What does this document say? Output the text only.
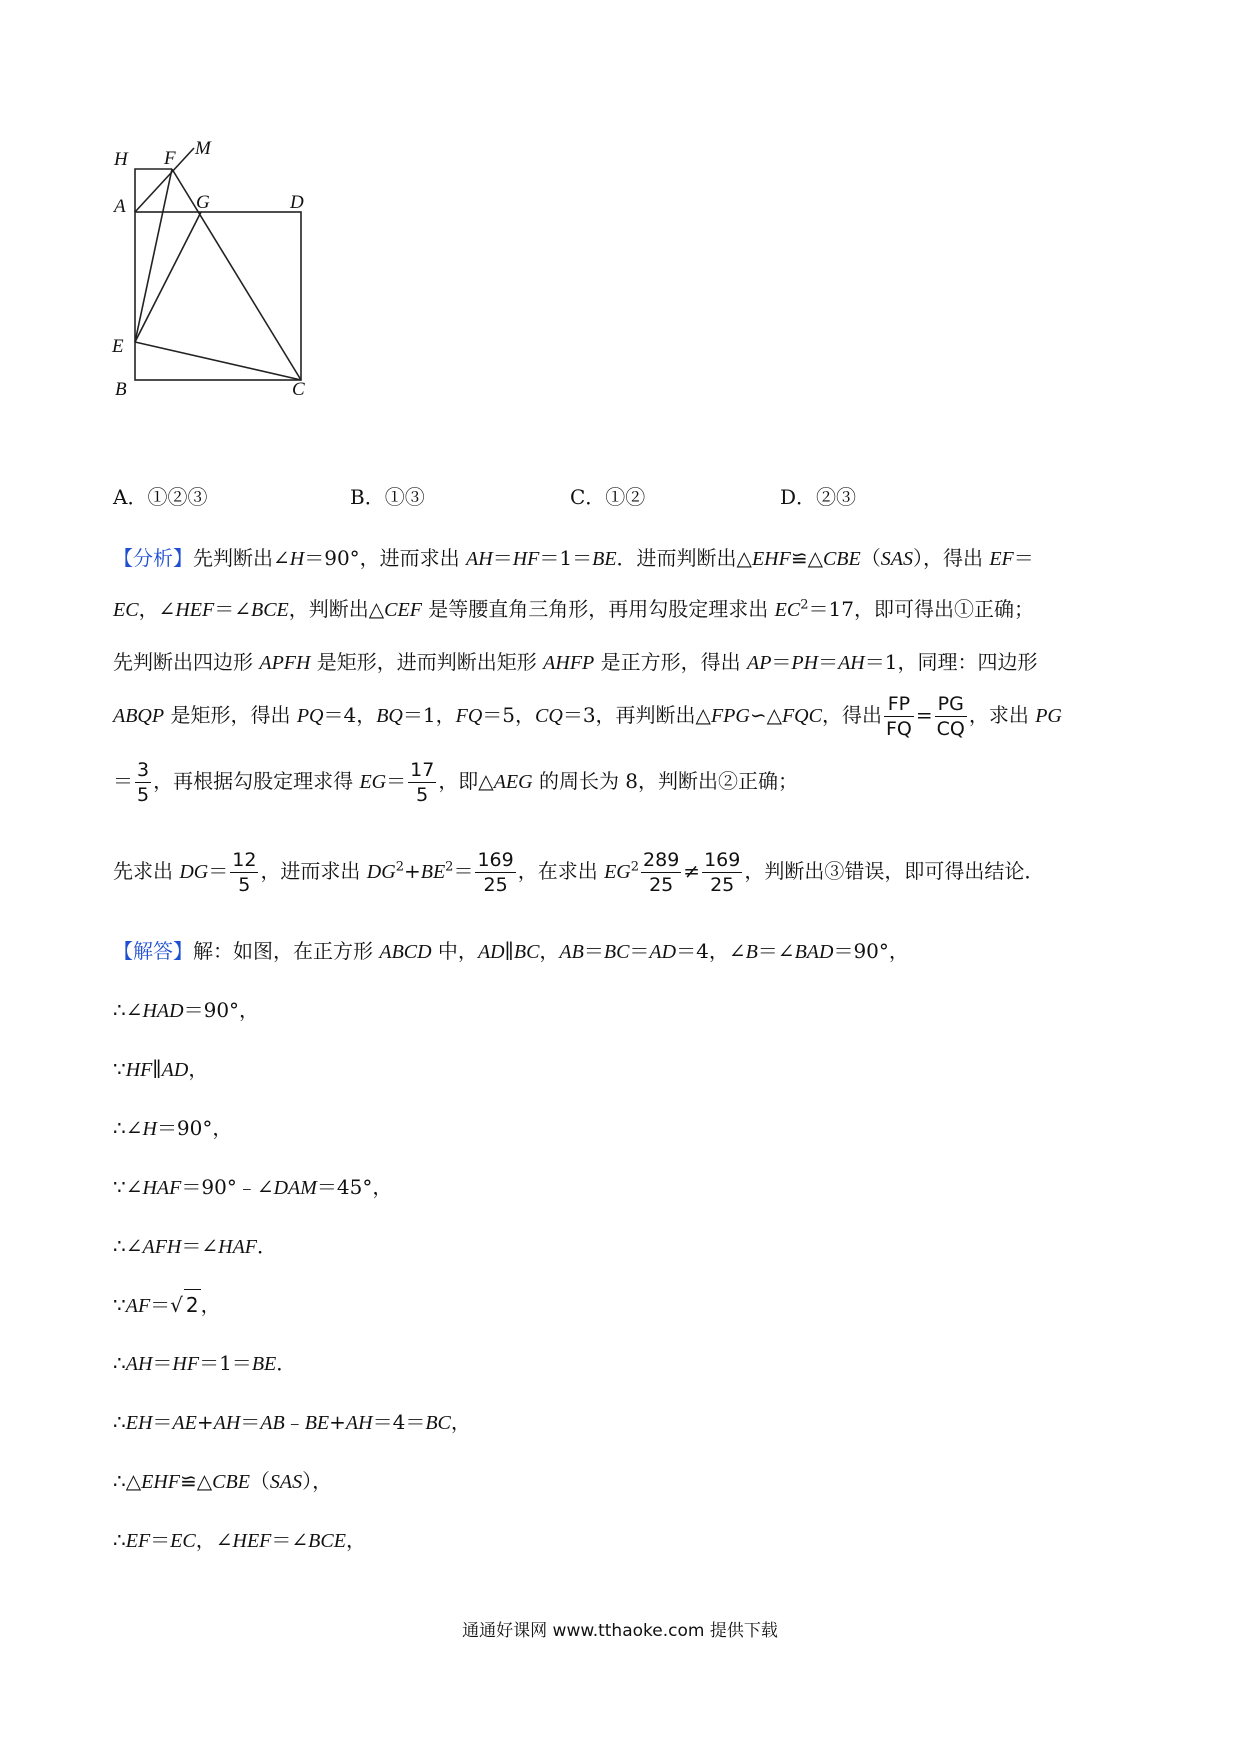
H F M
A	G	D
E
B	C
A．①②③	B．①③	C．①②	D．②③
【分析】先判断出∠H＝90°，进而求出 AH＝HF＝1＝BE．进而判断出△EHF≌△CBE（SAS），得出 EF＝
EC，∠HEF＝∠BCE，判断出△CEF 是等腰直角三角形，再用勾股定理求出 $EC^2=17$，即可得出①正确；
先判断出四边形 APFH 是矩形，进而判断出矩形 AHFP 是正方形，得出 AP＝PH＝AH＝1，同理：四边形
ABQP 是矩形，得出 PQ＝4，BQ＝1，FQ＝5，CQ＝3，再判断出△FPG∽△FQC，得出 $\frac{FP}{FQ} = \frac{PG}{CQ}$ ，求出 PG
＝ $\frac{3}{5}$ ，再根据勾股定理求得 $EG= \frac{17}{5}$ ，即△AEG 的周长为 8，判断出②正确；
先求出 $DG= \frac{12}{5}$ ，进而求出 $DG^2+BE^2= \frac{169}{25}$ ，在求出 $EG^2 \frac{289}{25} \ne \frac{169}{25}$ ，判断出③错误，即可得出结论．
【解答】解：如图，在正方形 ABCD 中，AD∥BC，AB＝BC＝AD＝4，∠B＝∠BAD＝90°，
∴∠HAD＝90°，
∵HF∥AD，
∴∠H＝90°，
∵∠HAF＝90°﹣∠DAM＝45°，
∴∠AFH＝∠HAF．
∵AF＝√ 2 ，
∴AH＝HF＝1＝BE．
∴EH＝AE+AH＝AB﹣BE+AH＝4＝BC，
∴△EHF≌△CBE（SAS），
∴EF＝EC，∠HEF＝∠BCE，
通通好课网 www.tthaoke.com 提供下载
